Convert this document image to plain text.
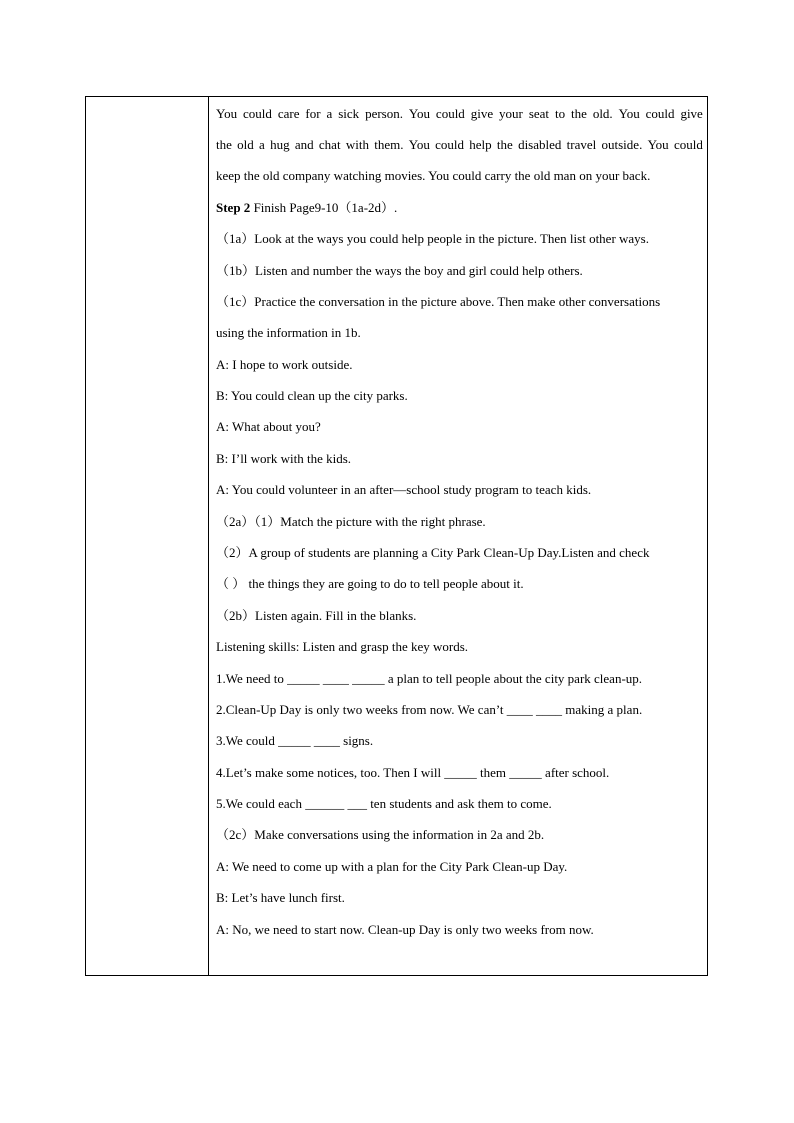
You could care for a sick person. You could give your seat to the old. You could give
the old a hug and chat with them. You could help the disabled travel outside. You could
keep the old company watching movies. You could carry the old man on your back.
Step 2 Finish Page9-10（1a-2d）.
（1a）Look at the ways you could help people in the picture. Then list other ways.
（1b）Listen and number the ways the boy and girl could help others.
（1c）Practice the conversation in the picture above. Then make other conversations
using the information in 1b.
A: I hope to work outside.
B: You could clean up the city parks.
A: What about you?
B: I’ll work with the kids.
A: You could volunteer in an after—school study program to teach kids.
（2a）（1）Match the picture with the right phrase.
（2）A group of students are planning a City Park Clean-Up Day.Listen and check
（ ） the things they are going to do to tell people about it.
（2b）Listen again. Fill in the blanks.
Listening skills: Listen and grasp the key words.
1.We need to _____ ____ _____ a plan to tell people about the city park clean-up.
2.Clean-Up Day is only two weeks from now. We can’t ____ ____ making a plan.
3.We could _____ ____ signs.
4.Let’s make some notices, too. Then I will _____ them _____ after school.
5.We could each ______ ___ ten students and ask them to come.
（2c）Make conversations using the information in 2a and 2b.
A: We need to come up with a plan for the City Park Clean-up Day.
B: Let’s have lunch first.
A: No, we need to start now. Clean-up Day is only two weeks from now.
